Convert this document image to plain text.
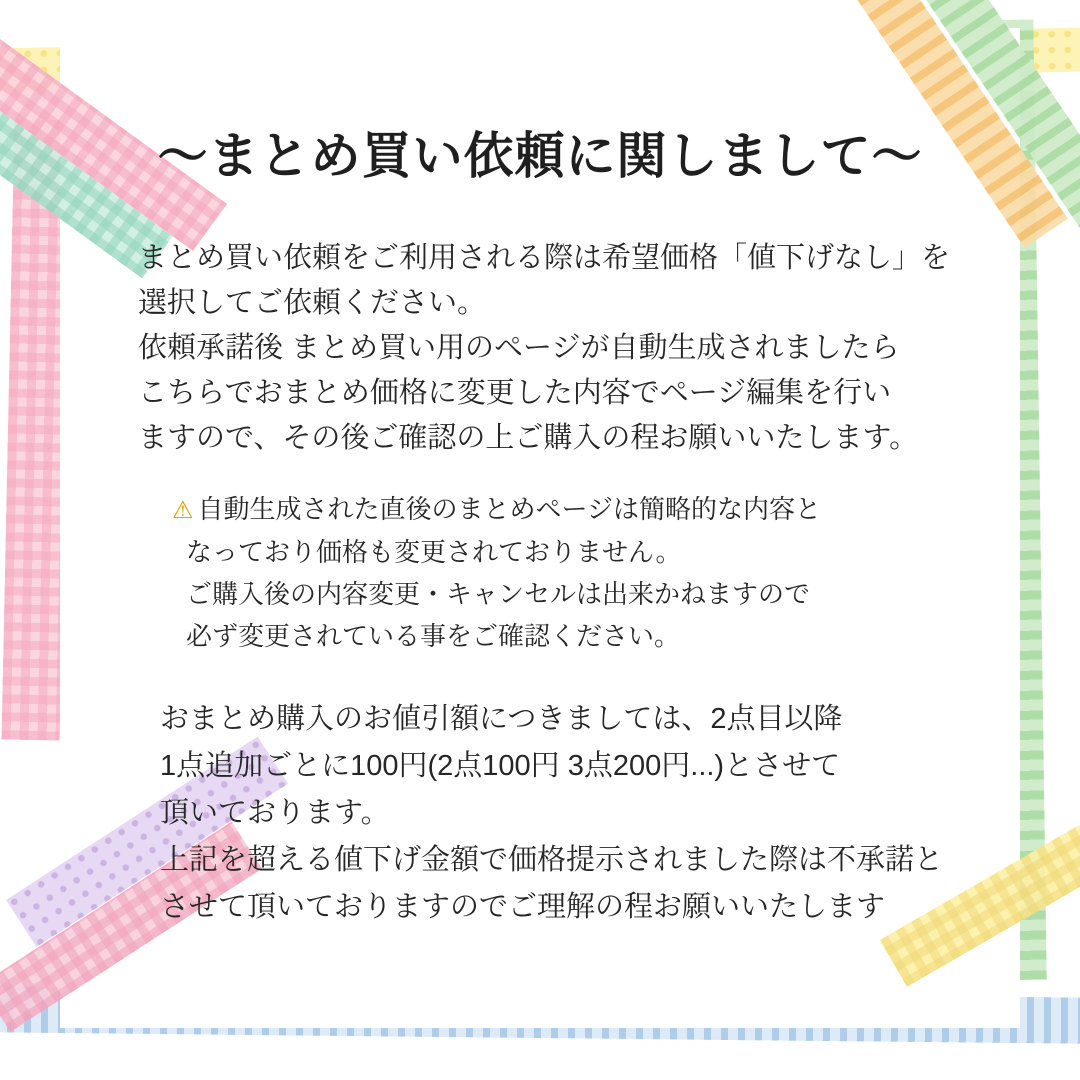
〜まとめ買い依頼に関しまして〜
まとめ買い依頼をご利用される際は希望価格「値下げなし」を
選択してご依頼ください。
依頼承諾後 まとめ買い用のページが自動生成されましたら
こちらでおまとめ価格に変更した内容でページ編集を行い
ますので、その後ご確認の上ご購入の程お願いいたします。
⚠ 自動生成された直後のまとめページは簡略的な内容と
なっており価格も変更されておりません。
ご購入後の内容変更・キャンセルは出来かねますので
必ず変更されている事をご確認ください。
おまとめ購入のお値引額につきましては、2点目以降
1点追加ごとに100円(2点100円 3点200円...)とさせて
頂いております。
上記を超える値下げ金額で価格提示されました際は不承諾と
させて頂いておりますのでご理解の程お願いいたします
